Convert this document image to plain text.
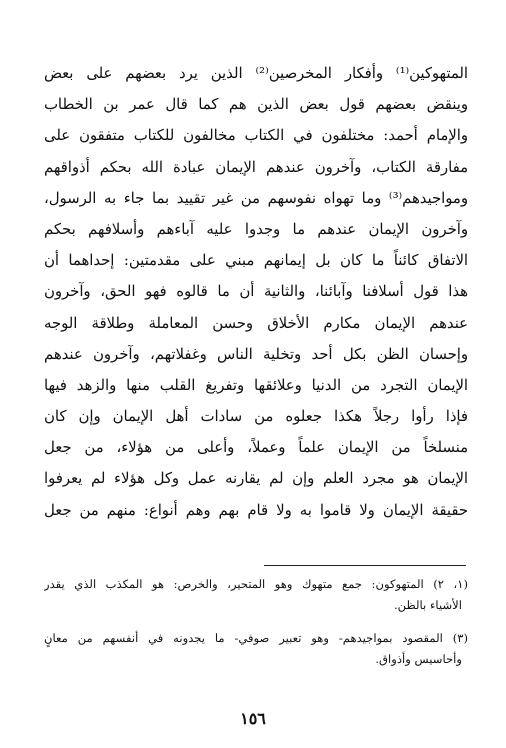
المتهوكين⁽¹⁾ وأفكار المخرصين⁽²⁾ الذين يرد بعضهم على بعض
وينقض بعضهم قول بعض الذين هم كما قال عمر بن الخطاب
والإمام أحمد: مختلفون في الكتاب مخالفون للكتاب متفقون على
مفارقة الكتاب، وآخرون عندهم الإيمان عبادة الله بحكم أذواقهم
ومواجيدهم⁽³⁾ وما تهواه نفوسهم من غير تقييد بما جاء به الرسول،
وآخرون الإيمان عندهم ما وجدوا عليه آباءهم وأسلافهم بحكم
الاتفاق كائناً ما كان بل إيمانهم مبني على مقدمتين: إحداهما أن
هذا قول أسلافنا وآبائنا، والثانية أن ما قالوه فهو الحق، وآخرون
عندهم الإيمان مكارم الأخلاق وحسن المعاملة وطلاقة الوجه
وإحسان الظن بكل أحد وتخلية الناس وغفلاتهم، وآخرون عندهم
الإيمان التجرد من الدنيا وعلائقها وتفريغ القلب منها والزهد فيها
فإذا رأوا رجلاً هكذا جعلوه من سادات أهل الإيمان وإن كان
منسلخاً من الإيمان علماً وعملاً، وأعلى من هؤلاء، من جعل
الإيمان هو مجرد العلم وإن لم يقارنه عمل وكل هؤلاء لم يعرفوا
حقيقة الإيمان ولا قاموا به ولا قام بهم وهم أنواع: منهم من جعل
(١، ٢) المتهوكون: جمع متهوك وهو المتحير، والخرص: هو المكذب الذي يقدر
الأشياء بالظن.
(٣) المقصود بمواجيدهم- وهو تعبير صوفي- ما يجدونه في أنفسهم من معانٍ
وأحاسيس وأذواق.
١٥٦
